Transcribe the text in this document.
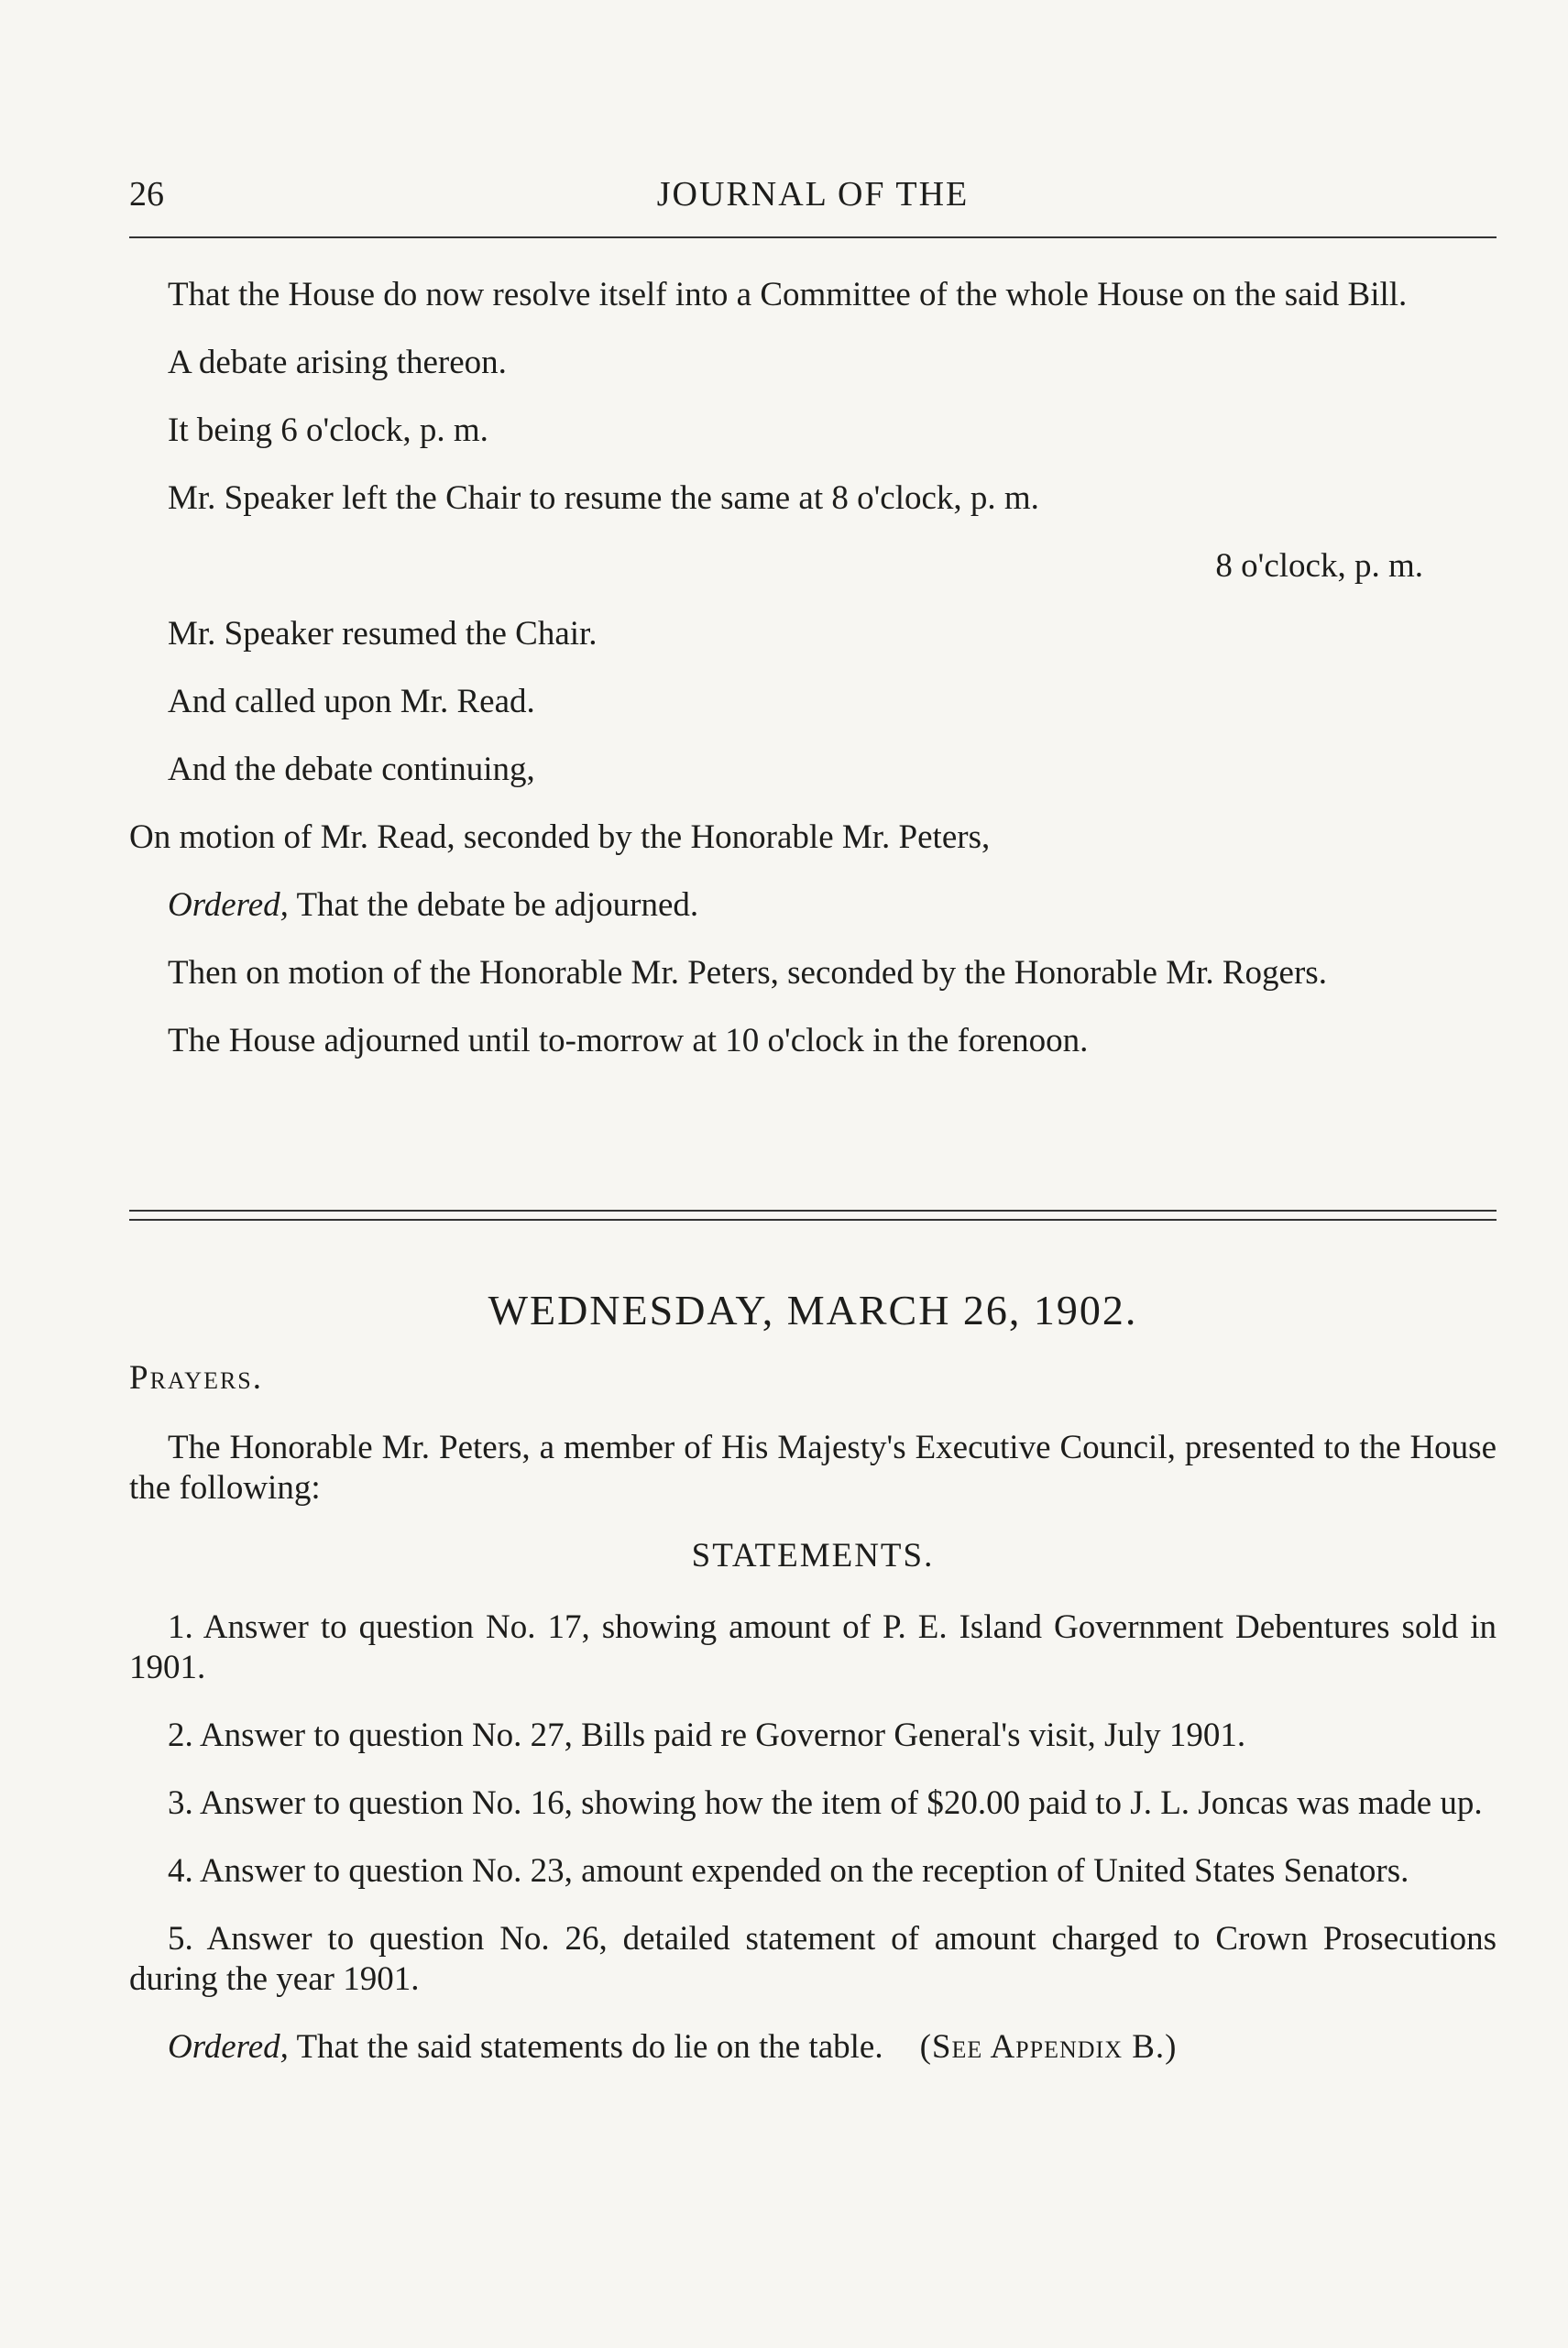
26	JOURNAL OF THE

That the House do now resolve itself into a Committee of the whole House on the said Bill.

A debate arising thereon.

It being 6 o'clock, p. m.

Mr. Speaker left the Chair to resume the same at 8 o'clock, p. m.

8 o'clock, p. m.

Mr. Speaker resumed the Chair.

And called upon Mr. Read.

And the debate continuing,

On motion of Mr. Read, seconded by the Honorable Mr. Peters,

Ordered, That the debate be adjourned.

Then on motion of the Honorable Mr. Peters, seconded by the Honorable Mr. Rogers.

The House adjourned until to-morrow at 10 o'clock in the forenoon.

WEDNESDAY, MARCH 26, 1902.

Prayers.

The Honorable Mr. Peters, a member of His Majesty's Executive Council, presented to the House the following:

STATEMENTS.

1. Answer to question No. 17, showing amount of P. E. Island Government Debentures sold in 1901.

2. Answer to question No. 27, Bills paid re Governor General's visit, July 1901.

3. Answer to question No. 16, showing how the item of $20.00 paid to J. L. Joncas was made up.

4. Answer to question No. 23, amount expended on the reception of United States Senators.

5. Answer to question No. 26, detailed statement of amount charged to Crown Prosecutions during the year 1901.

Ordered, That the said statements do lie on the table. (See Appendix B.)
